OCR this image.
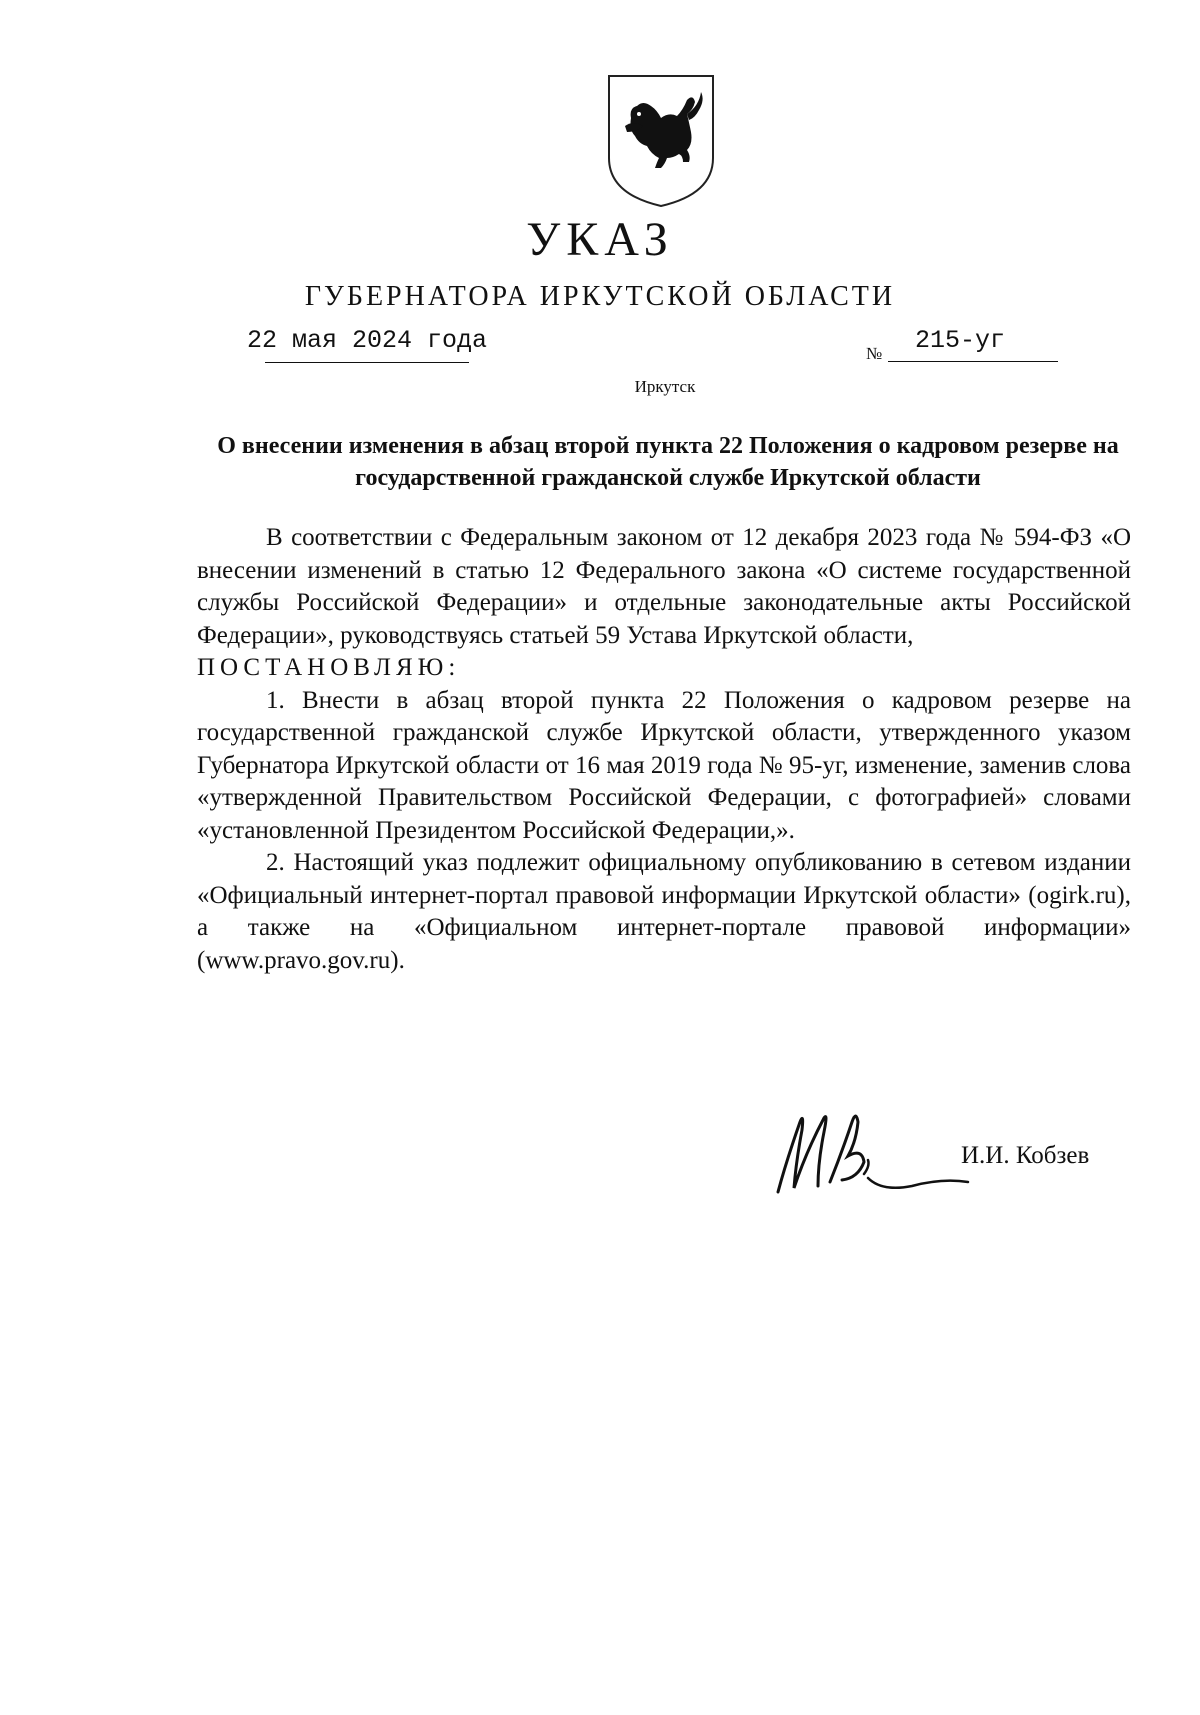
УКАЗ
ГУБЕРНАТОРА ИРКУТСКОЙ ОБЛАСТИ
22 мая 2024 года	№ 215-уг
Иркутск
О внесении изменения в абзац второй пункта 22 Положения о кадровом резерве на государственной гражданской службе Иркутской области

В соответствии с Федеральным законом от 12 декабря 2023 года № 594-ФЗ «О внесении изменений в статью 12 Федерального закона «О системе государственной службы Российской Федерации» и отдельные законодательные акты Российской Федерации», руководствуясь статьей 59 Устава Иркутской области,

ПОСТАНОВЛЯЮ:

1. Внести в абзац второй пункта 22 Положения о кадровом резерве на государственной гражданской службе Иркутской области, утвержденного указом Губернатора Иркутской области от 16 мая 2019 года № 95-уг, изменение, заменив слова «утвержденной Правительством Российской Федерации, с фотографией» словами «установленной Президентом Российской Федерации,».

2. Настоящий указ подлежит официальному опубликованию в сетевом издании «Официальный интернет-портал правовой информации Иркутской области» (ogirk.ru), а также на «Официальном интернет-портале правовой информации» (www.pravo.gov.ru).

И.И. Кобзев
